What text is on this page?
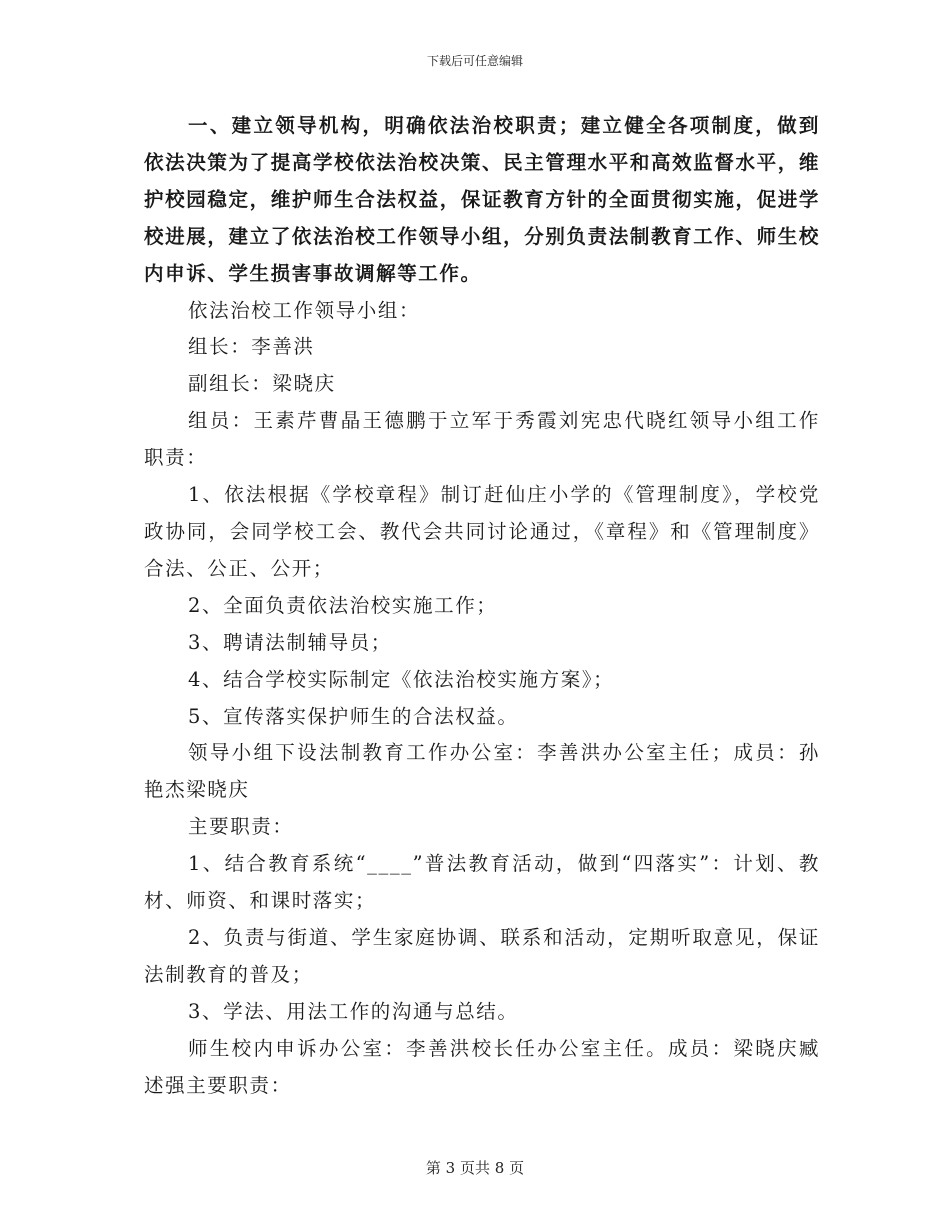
下载后可任意编辑

一、建立领导机构，明确依法治校职责；建立健全各项制度，做到依法决策为了提高学校依法治校决策、民主管理水平和高效监督水平，维护校园稳定，维护师生合法权益，保证教育方针的全面贯彻实施，促进学校进展，建立了依法治校工作领导小组，分别负责法制教育工作、师生校内申诉、学生损害事故调解等工作。

依法治校工作领导小组：

组长：李善洪

副组长：梁晓庆

组员：王素芹曹晶王德鹏于立军于秀霞刘宪忠代晓红领导小组工作职责：

1、依法根据《学校章程》制订赶仙庄小学的《管理制度》，学校党政协同，会同学校工会、教代会共同讨论通过，《章程》和《管理制度》合法、公正、公开；

2、全面负责依法治校实施工作；

3、聘请法制辅导员；

4、结合学校实际制定《依法治校实施方案》；

5、宣传落实保护师生的合法权益。

领导小组下设法制教育工作办公室：李善洪办公室主任；成员：孙艳杰梁晓庆

主要职责：

1、结合教育系统“____”普法教育活动，做到“四落实”：计划、教材、师资、和课时落实；

2、负责与街道、学生家庭协调、联系和活动，定期听取意见，保证法制教育的普及；

3、学法、用法工作的沟通与总结。

师生校内申诉办公室：李善洪校长任办公室主任。成员：梁晓庆臧述强主要职责：

第 3 页共 8 页
